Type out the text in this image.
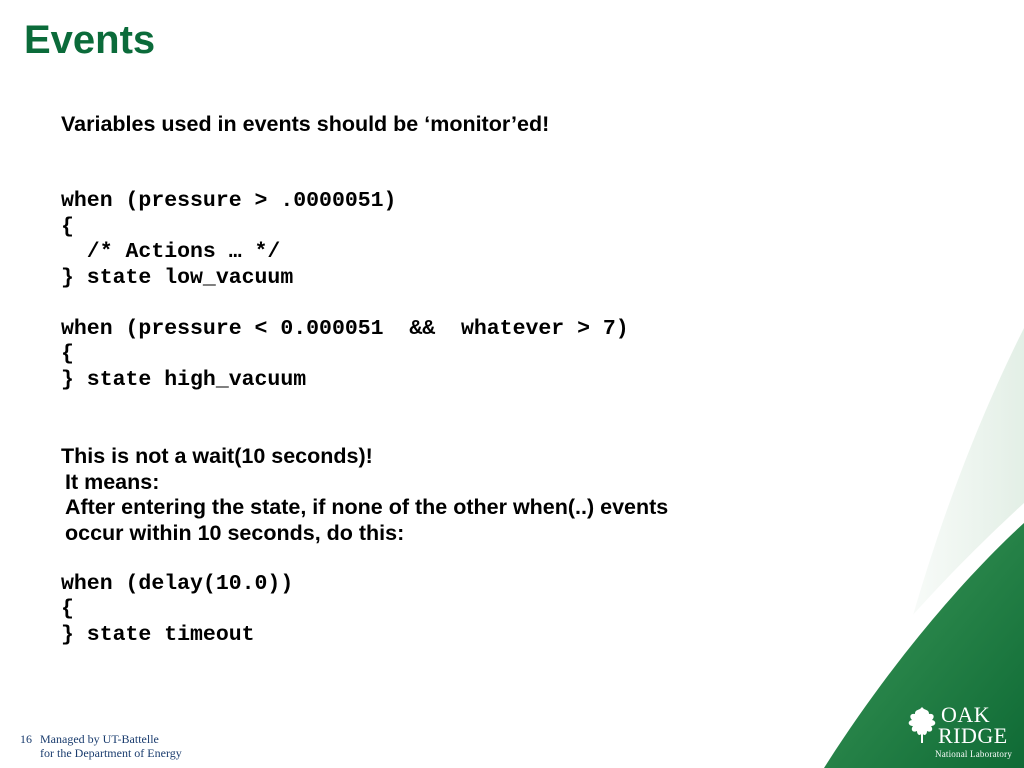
Events
Variables used in events should be ‘monitor’ed!
when (pressure > .0000051)
{
/* Actions … */
} state low_vacuum
when (pressure < 0.000051  &&  whatever > 7)
{
} state high_vacuum
This is not a wait(10 seconds)!
It means:
After entering the state, if none of the other when(..) events
occur within 10 seconds, do this:
when (delay(10.0))
{
} state timeout
OAK
RIDGE
National Laboratory
16 Managed by UT-Battelle
for the Department of Energy
